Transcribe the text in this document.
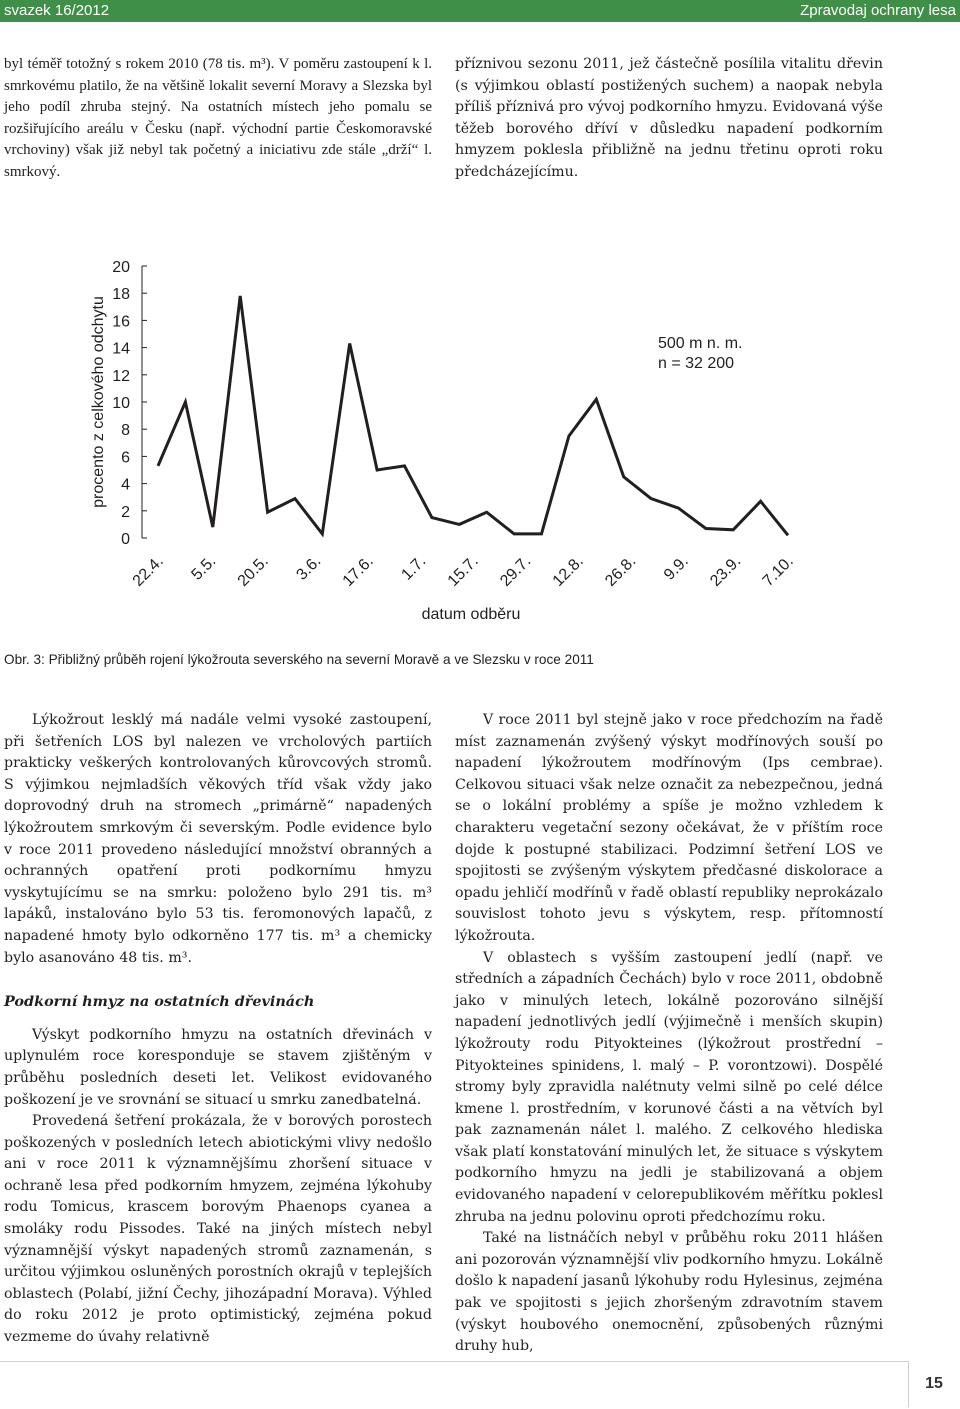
svazek 16/2012	Zpravodaj ochrany lesa

byl téměř totožný s rokem 2010 (78 tis. m³). V poměru zastoupení k l. smrkovému platilo, že na většině lokalit severní Moravy a Slezska byl jeho podíl zhruba stejný. Na ostatních místech jeho pomalu se rozšiřujícího areálu v Česku (např. východní partie Českomoravské vrchoviny) však již nebyl tak početný a iniciativu zde stále „drží“ l. smrkový.

příznivou sezonu 2011, jež částečně posílila vitalitu dřevin (s výjimkou oblastí postižených suchem) a naopak nebyla příliš příznivá pro vývoj podkorního hmyzu. Evidovaná výše těžeb borového dříví v důsledku napadení podkorním hmyzem poklesla přibližně na jednu třetinu oproti roku předcházejícímu.

0
2
4
6
8
10
12
14
16
18
20
22.4. 5.5. 20.5. 3.6. 17.6. 1.7. 15.7. 29.7. 12.8. 26.8. 9.9. 23.9. 7.10.
procento z celkového odchytu
datum odběru
500 m n. m.
n = 32 200
Obr. 3: Přibližný průběh rojení lýkožrouta severského na severní Moravě a ve Slezsku v roce 2011

Lýkožrout lesklý má nadále velmi vysoké zastoupení, při šetřeních LOS byl nalezen ve vrcholových partiích prakticky veškerých kontrolovaných kůrovcových stromů. S výjimkou nejmladších věkových tříd však vždy jako doprovodný druh na stromech „primárně“ napadených lýkožroutem smrkovým či severským. Podle evidence bylo v roce 2011 provedeno následující množství obranných a ochranných opatření proti podkornímu hmyzu vyskytujícímu se na smrku: položeno bylo 291 tis. m³ lapáků, instalováno bylo 53 tis. feromonových lapačů, z napadené hmoty bylo odkorněno 177 tis. m³ a chemicky bylo asanováno 48 tis. m³.

Podkorní hmyz na ostatních dřevinách

Výskyt podkorního hmyzu na ostatních dřevinách v uplynulém roce koresponduje se stavem zjištěným v průběhu posledních deseti let. Velikost evidovaného poškození je ve srovnání se situací u smrku zanedbatelná.

Provedená šetření prokázala, že v borových porostech poškozených v posledních letech abiotickými vlivy nedošlo ani v roce 2011 k významnějšímu zhoršení situace v ochraně lesa před podkorním hmyzem, zejména lýkohuby rodu Tomicus, krascem borovým Phaenops cyanea a smoláky rodu Pissodes. Také na jiných místech nebyl významnější výskyt napadených stromů zaznamenán, s určitou výjimkou osluněných porostních okrajů v teplejších oblastech (Polabí, jižní Čechy, jihozápadní Morava). Výhled do roku 2012 je proto optimistický, zejména pokud vezmeme do úvahy relativně

V roce 2011 byl stejně jako v roce předchozím na řadě míst zaznamenán zvýšený výskyt modřínových souší po napadení lýkožroutem modřínovým (Ips cembrae). Celkovou situaci však nelze označit za nebezpečnou, jedná se o lokální problémy a spíše je možno vzhledem k charakteru vegetační sezony očekávat, že v příštím roce dojde k postupné stabilizaci. Podzimní šetření LOS ve spojitosti se zvýšeným výskytem předčasné diskolorace a opadu jehličí modřínů v řadě oblastí republiky neprokázalo souvislost tohoto jevu s výskytem, resp. přítomností lýkožrouta.

V oblastech s vyšším zastoupení jedlí (např. ve středních a západních Čechách) bylo v roce 2011, obdobně jako v minulých letech, lokálně pozorováno silnější napadení jednotlivých jedlí (výjimečně i menších skupin) lýkožrouty rodu Pityokteines (lýkožrout prostřední – Pityokteines spinidens, l. malý – P. vorontzowi). Dospělé stromy byly zpravidla nalétnuty velmi silně po celé délce kmene l. prostředním, v korunové části a na větvích byl pak zaznamenán nálet l. malého. Z celkového hlediska však platí konstatování minulých let, že situace s výskytem podkorního hmyzu na jedli je stabilizovaná a objem evidovaného napadení v celorepublikovém měřítku poklesl zhruba na jednu polovinu oproti předchozímu roku.

Také na listnáčích nebyl v průběhu roku 2011 hlášen ani pozorován významnější vliv podkorního hmyzu. Lokálně došlo k napadení jasanů lýkohuby rodu Hylesinus, zejména pak ve spojitosti s jejich zhoršeným zdravotním stavem (výskyt houbového onemocnění, způsobených různými druhy hub,

15
